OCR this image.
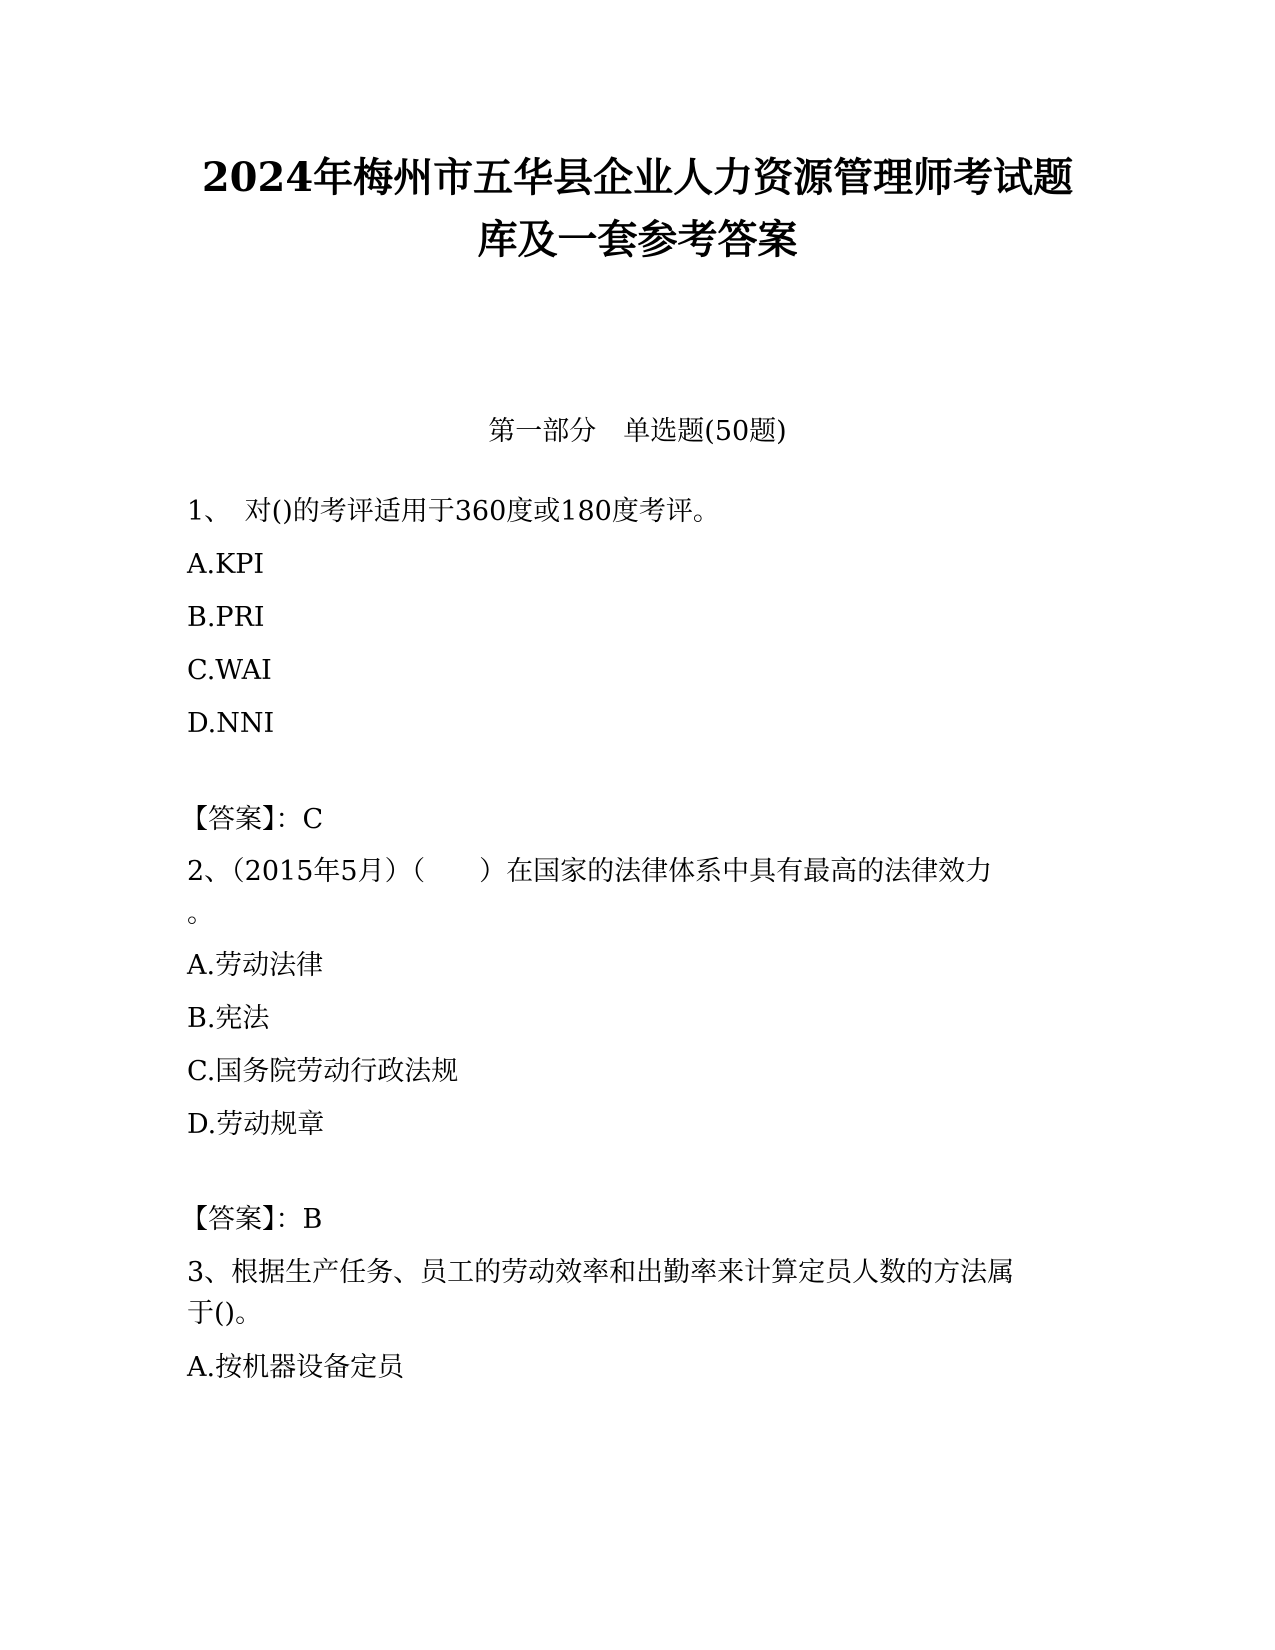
2024年梅州市五华县企业人力资源管理师考试题
库及一套参考答案
第一部分　单选题(50题)
1、　对()的考评适用于360度或180度考评。
A.KPI
B.PRI
C.WAI
D.NNI
【答案】：C
2、（2015年5月）（　　）在国家的法律体系中具有最高的法律效力
。
A.劳动法律
B.宪法
C.国务院劳动行政法规
D.劳动规章
【答案】：B
3、根据生产任务、员工的劳动效率和出勤率来计算定员人数的方法属
于()。
A.按机器设备定员
